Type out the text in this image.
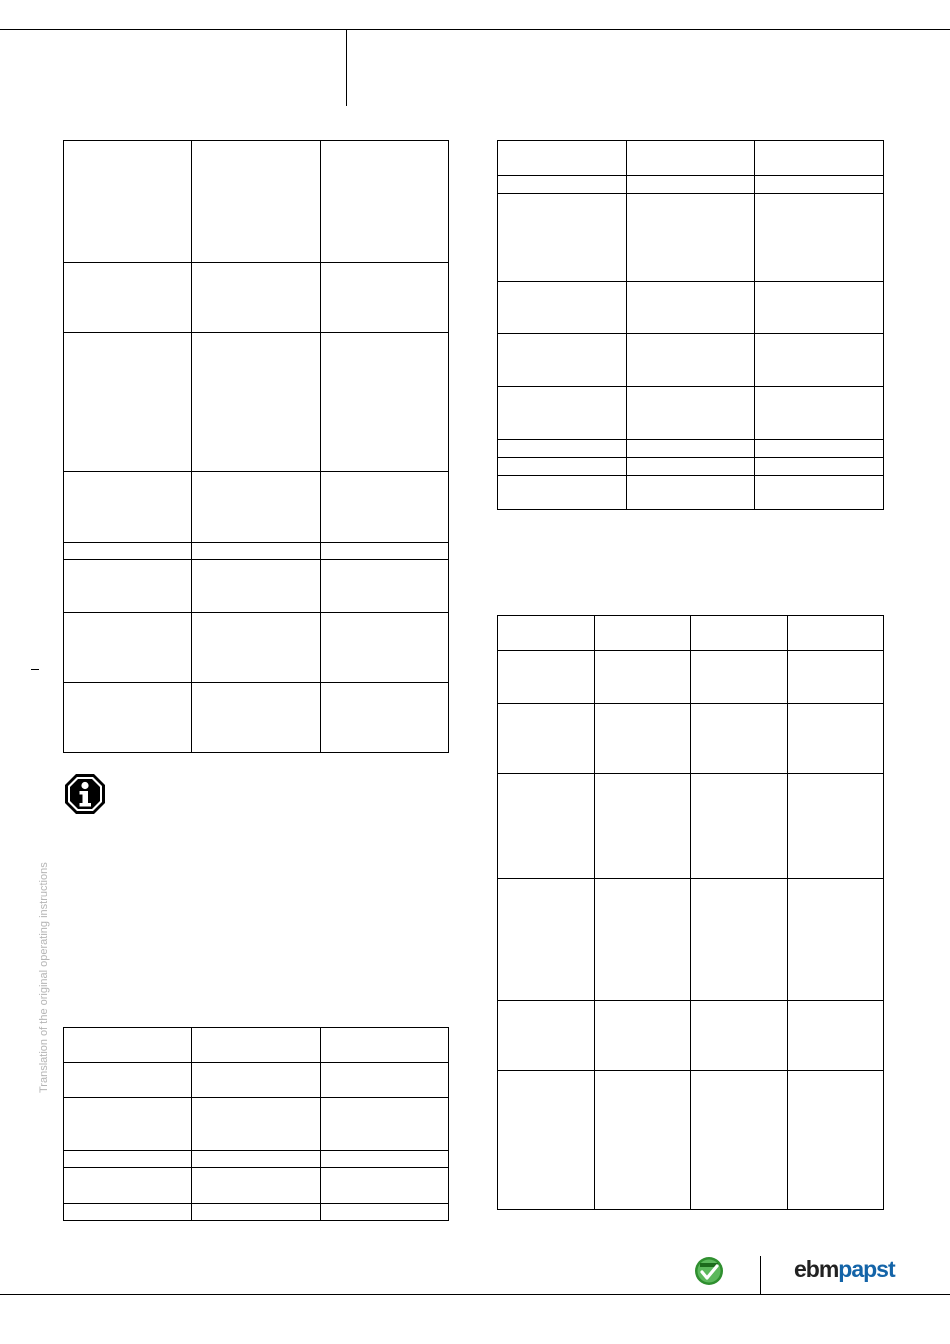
Translation of the original operating instructions

ebmpapst
